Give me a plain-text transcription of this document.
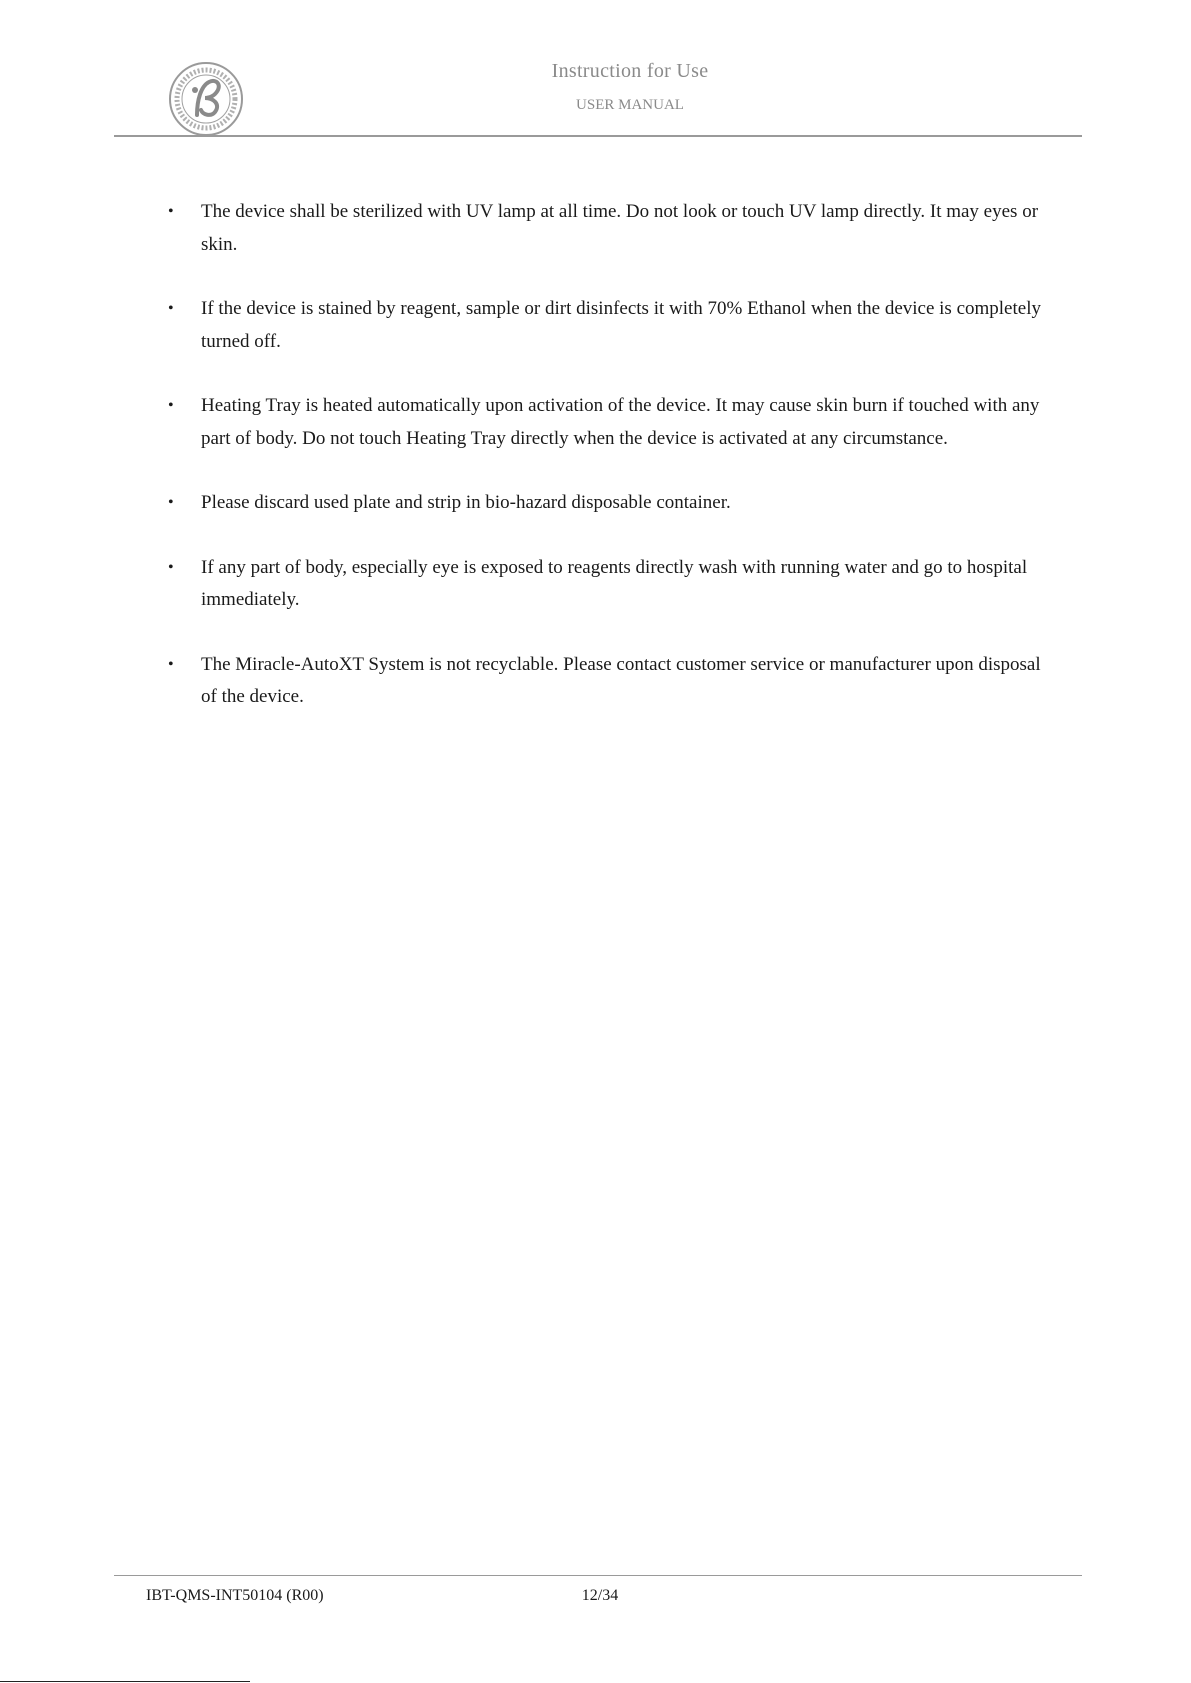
Instruction for Use
USER MANUAL
• The device shall be sterilized with UV lamp at all time. Do not look or touch UV lamp directly. It may eyes or skin.
• If the device is stained by reagent, sample or dirt disinfects it with 70% Ethanol when the device is completely turned off.
• Heating Tray is heated automatically upon activation of the device. It may cause skin burn if touched with any part of body. Do not touch Heating Tray directly when the device is activated at any circumstance.
• Please discard used plate and strip in bio-hazard disposable container.
• If any part of body, especially eye is exposed to reagents directly wash with running water and go to hospital immediately.
• The Miracle-AutoXT System is not recyclable. Please contact customer service or manufacturer upon disposal of the device.
IBT-QMS-INT50104 (R00)	12/34
